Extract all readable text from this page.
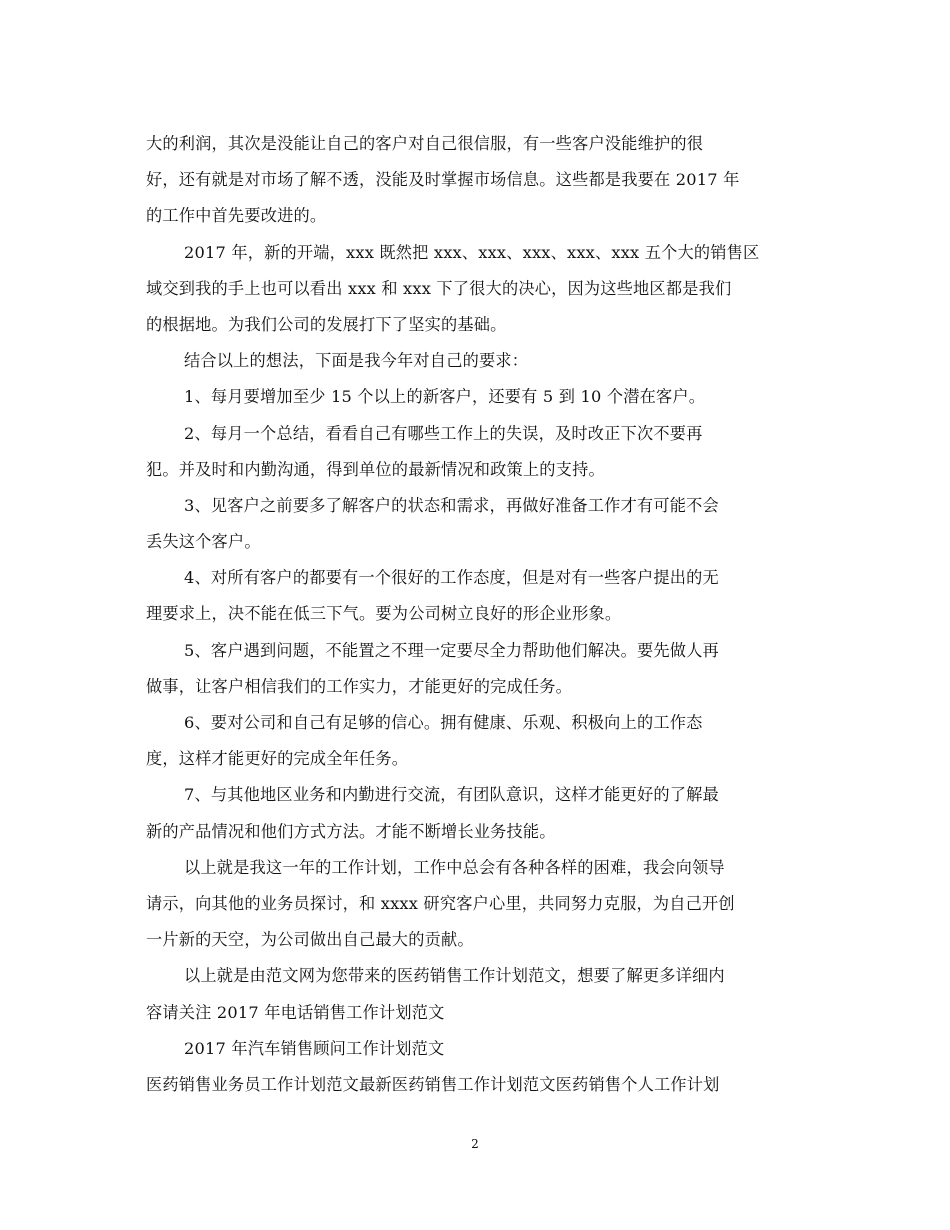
大的利润，其次是没能让自己的客户对自己很信服，有一些客户没能维护的很
好，还有就是对市场了解不透，没能及时掌握市场信息。这些都是我要在 2017 年
的工作中首先要改进的。
2017 年，新的开端，xxx 既然把 xxx、xxx、xxx、xxx、xxx 五个大的销售区
域交到我的手上也可以看出 xxx 和 xxx 下了很大的决心，因为这些地区都是我们
的根据地。为我们公司的发展打下了坚实的基础。
结合以上的想法，下面是我今年对自己的要求：
1、每月要增加至少 15 个以上的新客户，还要有 5 到 10 个潜在客户。
2、每月一个总结，看看自己有哪些工作上的失误，及时改正下次不要再
犯。并及时和内勤沟通，得到单位的最新情况和政策上的支持。
3、见客户之前要多了解客户的状态和需求，再做好准备工作才有可能不会
丢失这个客户。
4、对所有客户的都要有一个很好的工作态度，但是对有一些客户提出的无
理要求上，决不能在低三下气。要为公司树立良好的形企业形象。
5、客户遇到问题，不能置之不理一定要尽全力帮助他们解决。要先做人再
做事，让客户相信我们的工作实力，才能更好的完成任务。
6、要对公司和自己有足够的信心。拥有健康、乐观、积极向上的工作态
度，这样才能更好的完成全年任务。
7、与其他地区业务和内勤进行交流，有团队意识，这样才能更好的了解最
新的产品情况和他们方式方法。才能不断增长业务技能。
以上就是我这一年的工作计划，工作中总会有各种各样的困难，我会向领导
请示，向其他的业务员探讨，和 xxxx 研究客户心里，共同努力克服，为自己开创
一片新的天空，为公司做出自己最大的贡献。
以上就是由范文网为您带来的医药销售工作计划范文，想要了解更多详细内
容请关注 2017 年电话销售工作计划范文
2017 年汽车销售顾问工作计划范文
医药销售业务员工作计划范文最新医药销售工作计划范文医药销售个人工作计划
2
